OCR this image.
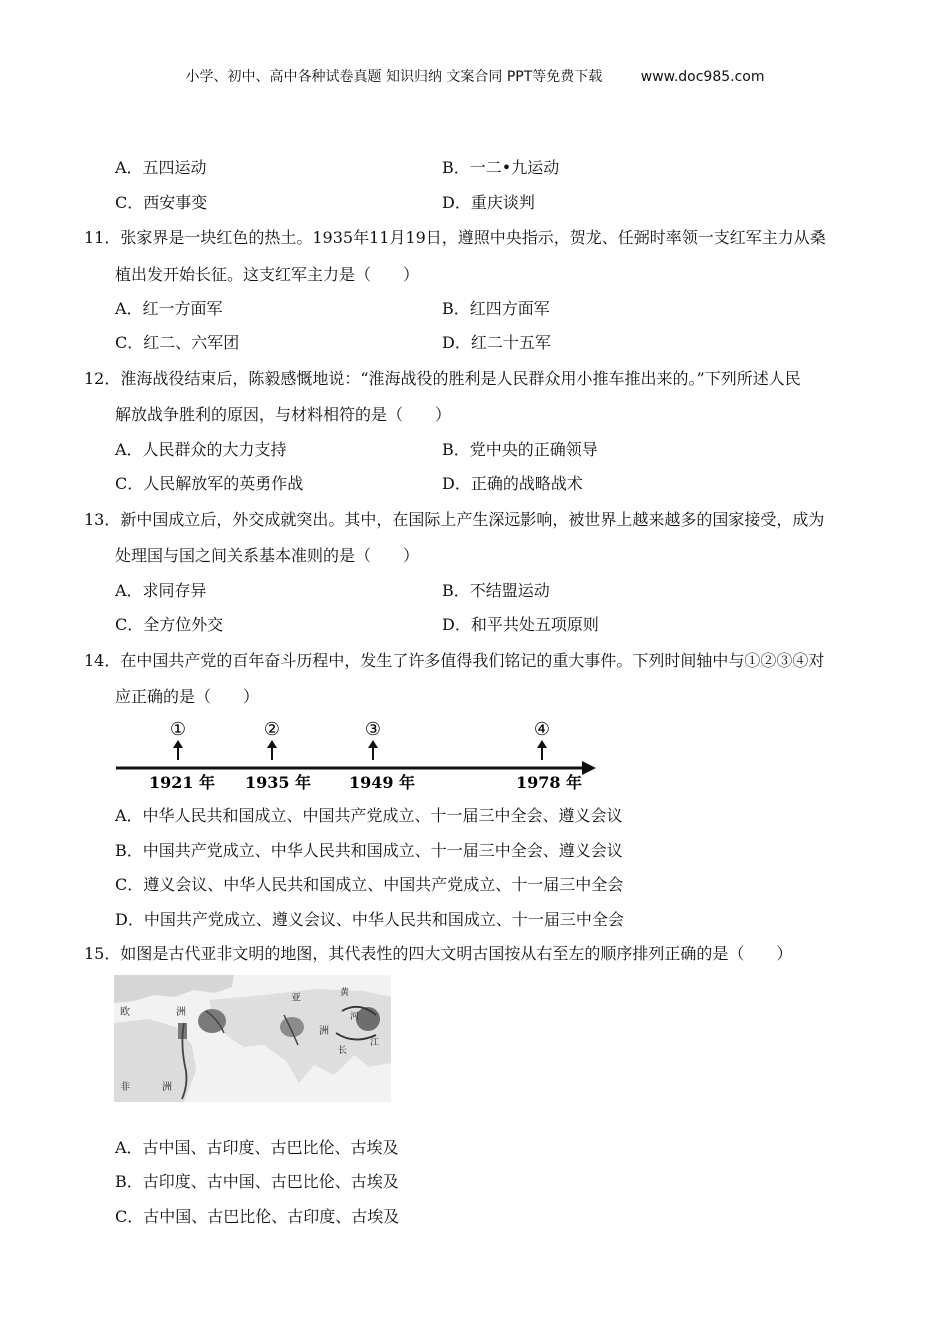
小学、初中、高中各种试卷真题 知识归纳 文案合同 PPT等免费下载	www.doc985.com
A．五四运动	B．一二•九运动
C．西安事变	D．重庆谈判
11．张家界是一块红色的热土。1935年11月19日，遵照中央指示，贺龙、任弼时率领一支红军主力从桑
植出发开始长征。这支红军主力是（　　）
A．红一方面军	B．红四方面军
C．红二、六军团	D．红二十五军
12．淮海战役结束后，陈毅感慨地说：“淮海战役的胜利是人民群众用小推车推出来的。”下列所述人民
解放战争胜利的原因，与材料相符的是（　　）
A．人民群众的大力支持	B．党中央的正确领导
C．人民解放军的英勇作战	D．正确的战略战术
13．新中国成立后，外交成就突出。其中，在国际上产生深远影响，被世界上越来越多的国家接受，成为
处理国与国之间关系基本准则的是（　　）
A．求同存异	B．不结盟运动
C．全方位外交	D．和平共处五项原则
14．在中国共产党的百年奋斗历程中，发生了许多值得我们铭记的重大事件。下列时间轴中与①②③④对
应正确的是（　　）
①
1921 年
②
1935 年
③
1949 年
④
1978 年
A．中华人民共和国成立、中国共产党成立、十一届三中全会、遵义会议
B．中国共产党成立、中华人民共和国成立、十一届三中全会、遵义会议
C．遵义会议、中华人民共和国成立、中国共产党成立、十一届三中全会
D．中国共产党成立、遵义会议、中华人民共和国成立、十一届三中全会
15．如图是古代亚非文明的地图，其代表性的四大文明古国按从右至左的顺序排列正确的是（　　）
欧	洲
亚
洲
非	洲
黄
河
长
江
A．古中国、古印度、古巴比伦、古埃及
B．古印度、古中国、古巴比伦、古埃及
C．古中国、古巴比伦、古印度、古埃及
